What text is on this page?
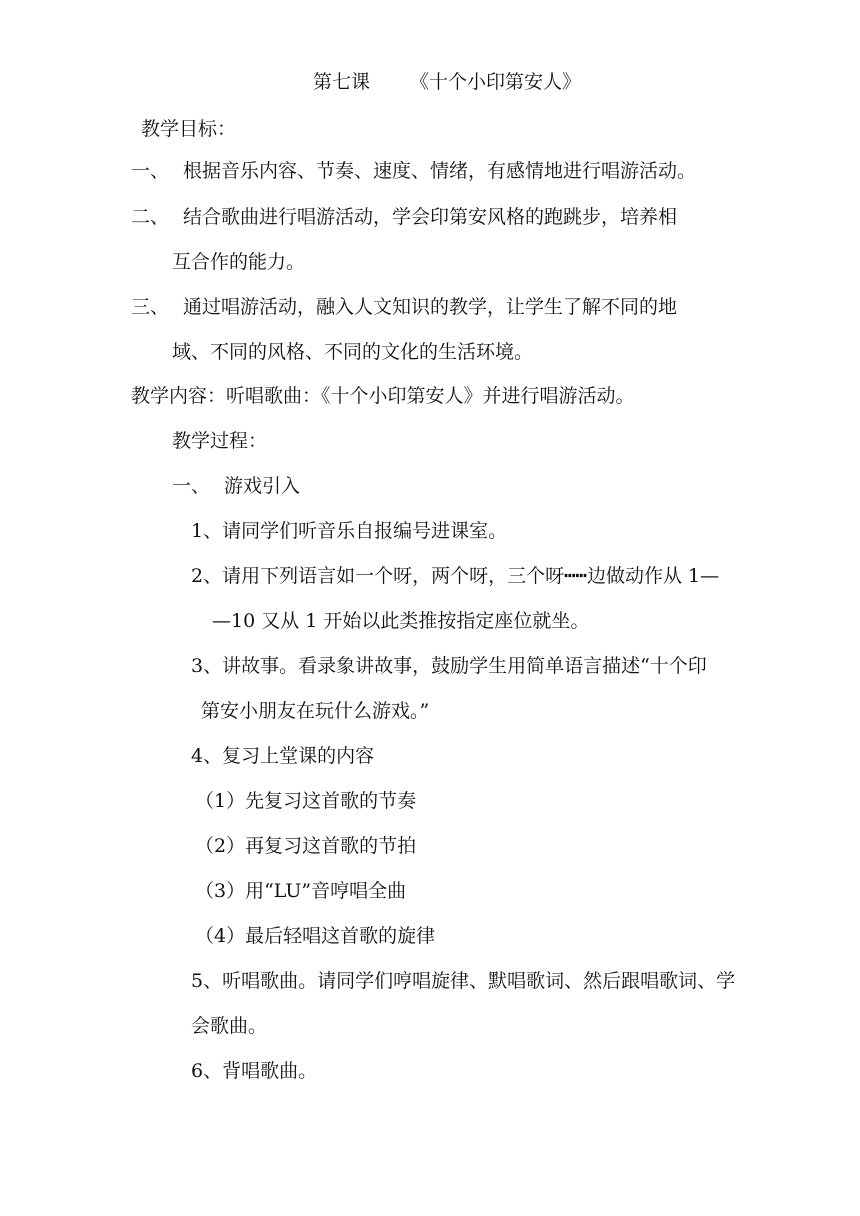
第七课 《十个小印第安人》
教学目标：
一、 根据音乐内容、节奏、速度、情绪，有感情地进行唱游活动。
二、 结合歌曲进行唱游活动，学会印第安风格的跑跳步，培养相
互合作的能力。
三、 通过唱游活动，融入人文知识的教学，让学生了解不同的地
域、不同的风格、不同的文化的生活环境。
教学内容：听唱歌曲：《十个小印第安人》并进行唱游活动。
教学过程：
一、 游戏引入
1、请同学们听音乐自报编号进课室。
2、请用下列语言如一个呀，两个呀，三个呀┅┅边做动作从 1—
—10 又从 1 开始以此类推按指定座位就坐。
3、讲故事。看录象讲故事，鼓励学生用简单语言描述“十个印
第安小朋友在玩什么游戏。”
4、复习上堂课的内容
（1）先复习这首歌的节奏
（2）再复习这首歌的节拍
（3）用“LU”音哼唱全曲
（4）最后轻唱这首歌的旋律
5、听唱歌曲。请同学们哼唱旋律、默唱歌词、然后跟唱歌词、学
会歌曲。
6、背唱歌曲。
